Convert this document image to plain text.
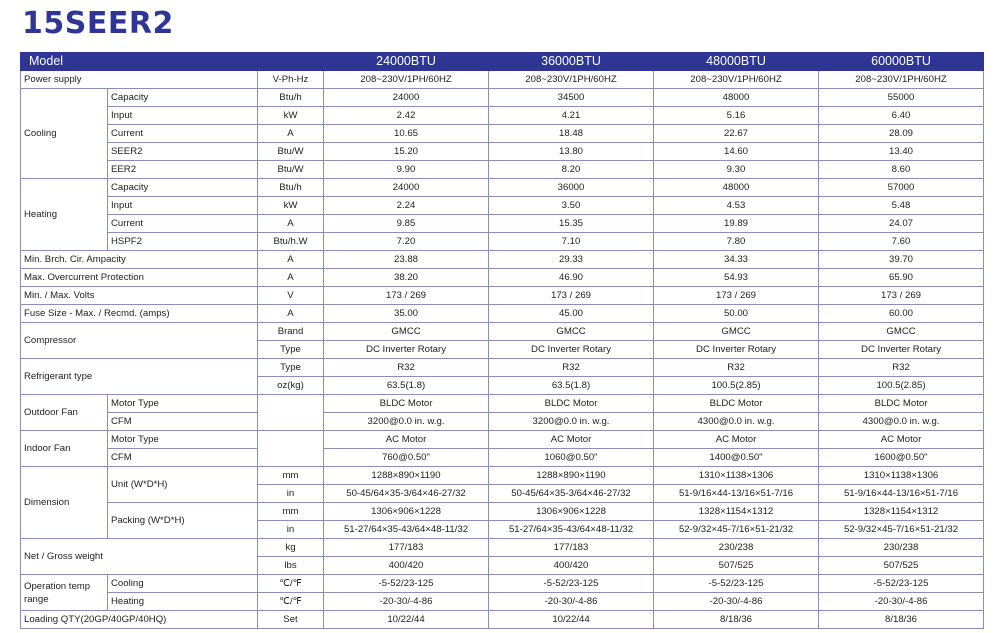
15SEER2
Model			24000BTU	36000BTU	48000BTU	60000BTU
Power supply		V-Ph-Hz	208~230V/1PH/60HZ	208~230V/1PH/60HZ	208~230V/1PH/60HZ	208~230V/1PH/60HZ
Cooling	Capacity	Btu/h	24000	34500	48000	55000
	Input	kW	2.42	4.21	5.16	6.40
	Current	A	10.65	18.48	22.67	28.09
	SEER2	Btu/W	15.20	13.80	14.60	13.40
	EER2	Btu/W	9.90	8.20	9.30	8.60
Heating	Capacity	Btu/h	24000	36000	48000	57000
	Input	kW	2.24	3.50	4.53	5.48
	Current	A	9.85	15.35	19.89	24.07
	HSPF2	Btu/h.W	7.20	7.10	7.80	7.60
Min. Brch. Cir. Ampacity		A	23.88	29.33	34.33	39.70
Max. Overcurrent Protection		A	38.20	46.90	54.93	65.90
Min. / Max. Volts		V	173 / 269	173 / 269	173 / 269	173 / 269
Fuse Size - Max. / Recmd. (amps)		A	35.00	45.00	50.00	60.00
Compressor		Brand	GMCC	GMCC	GMCC	GMCC
		Type	DC Inverter Rotary	DC Inverter Rotary	DC Inverter Rotary	DC Inverter Rotary
Refrigerant type		Type	R32	R32	R32	R32
		oz(kg)	63.5(1.8)	63.5(1.8)	100.5(2.85)	100.5(2.85)
Outdoor Fan	Motor Type		BLDC Motor	BLDC Motor	BLDC Motor	BLDC Motor
	CFM		3200@0.0 in. w.g.	3200@0.0 in. w.g.	4300@0.0 in. w.g.	4300@0.0 in. w.g.
Indoor Fan	Motor Type		AC Motor	AC Motor	AC Motor	AC Motor
	CFM		760@0.50"	1060@0.50"	1400@0.50"	1600@0.50"
Dimension	Unit (W*D*H)	mm	1288×890×1190	1288×890×1190	1310×1138×1306	1310×1138×1306
		in	50-45/64×35-3/64×46-27/32	50-45/64×35-3/64×46-27/32	51-9/16×44-13/16×51-7/16	51-9/16×44-13/16×51-7/16
	Packing (W*D*H)	mm	1306×906×1228	1306×906×1228	1328×1154×1312	1328×1154×1312
		in	51-27/64×35-43/64×48-11/32	51-27/64×35-43/64×48-11/32	52-9/32×45-7/16×51-21/32	52-9/32×45-7/16×51-21/32
Net / Gross weight		kg	177/183	177/183	230/238	230/238
		lbs	400/420	400/420	507/525	507/525
Operation temp range	Cooling	℃/℉	-5-52/23-125	-5-52/23-125	-5-52/23-125	-5-52/23-125
	Heating	℃/℉	-20-30/-4-86	-20-30/-4-86	-20-30/-4-86	-20-30/-4-86
Loading QTY(20GP/40GP/40HQ)		Set	10/22/44	10/22/44	8/18/36	8/18/36
